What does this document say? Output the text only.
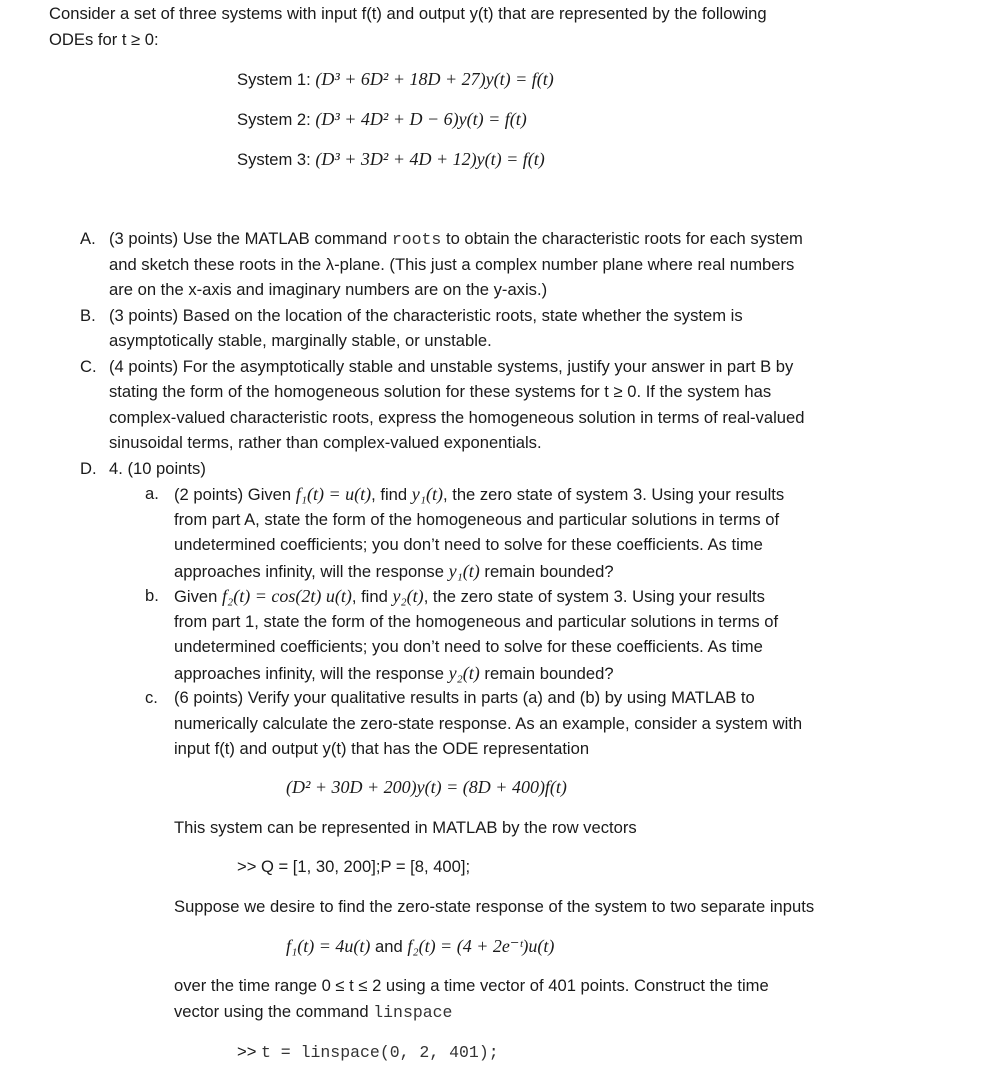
Consider a set of three systems with input f(t) and output y(t) that are represented by the following
ODEs for t ≥ 0:
System 1: (D³ + 6D² + 18D + 27)y(t) = f(t)
System 2: (D³ + 4D² + D − 6)y(t) = f(t)
System 3: (D³ + 3D² + 4D + 12)y(t) = f(t)
A. (3 points) Use the MATLAB command roots to obtain the characteristic roots for each system
and sketch these roots in the λ-plane. (This just a complex number plane where real numbers
are on the x-axis and imaginary numbers are on the y-axis.)
B. (3 points) Based on the location of the characteristic roots, state whether the system is
asymptotically stable, marginally stable, or unstable.
C. (4 points) For the asymptotically stable and unstable systems, justify your answer in part B by
stating the form of the homogeneous solution for these systems for t ≥ 0. If the system has
complex-valued characteristic roots, express the homogeneous solution in terms of real-valued
sinusoidal terms, rather than complex-valued exponentials.
D. 4. (10 points)
a. (2 points) Given f₁(t) = u(t), find y₁(t), the zero state of system 3. Using your results
from part A, state the form of the homogeneous and particular solutions in terms of
undetermined coefficients; you don’t need to solve for these coefficients. As time
approaches infinity, will the response y₁(t) remain bounded?
b. Given f₂(t) = cos(2t) u(t), find y₂(t), the zero state of system 3. Using your results
from part 1, state the form of the homogeneous and particular solutions in terms of
undetermined coefficients; you don’t need to solve for these coefficients. As time
approaches infinity, will the response y₂(t) remain bounded?
c. (6 points) Verify your qualitative results in parts (a) and (b) by using MATLAB to
numerically calculate the zero-state response. As an example, consider a system with
input f(t) and output y(t) that has the ODE representation
(D² + 30D + 200)y(t) = (8D + 400)f(t)
This system can be represented in MATLAB by the row vectors
>> Q = [1, 30, 200];P = [8, 400];
Suppose we desire to find the zero-state response of the system to two separate inputs
f₁(t) = 4u(t) and f₂(t) = (4 + 2e⁻ᵗ)u(t)
over the time range 0 ≤ t ≤ 2 using a time vector of 401 points. Construct the time
vector using the command linspace
>> t = linspace(0, 2, 401);
